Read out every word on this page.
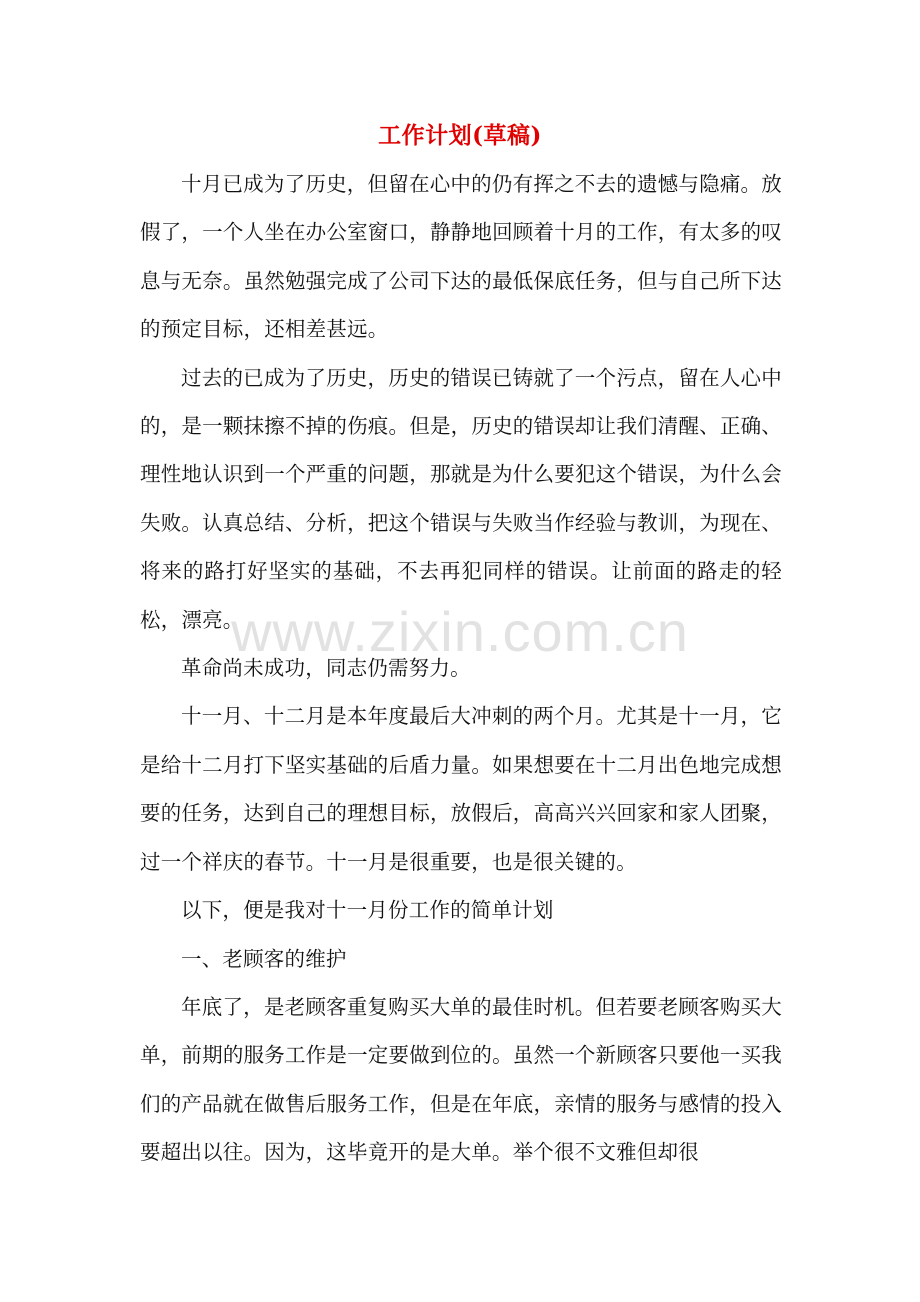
工作计划(草稿)

十月已成为了历史，但留在心中的仍有挥之不去的遗憾与隐痛。放假了，一个人坐在办公室窗口，静静地回顾着十月的工作，有太多的叹息与无奈。虽然勉强完成了公司下达的最低保底任务，但与自己所下达的预定目标，还相差甚远。

过去的已成为了历史，历史的错误已铸就了一个污点，留在人心中的，是一颗抹擦不掉的伤痕。但是，历史的错误却让我们清醒、正确、理性地认识到一个严重的问题，那就是为什么要犯这个错误，为什么会失败。认真总结、分析，把这个错误与失败当作经验与教训，为现在、将来的路打好坚实的基础，不去再犯同样的错误。让前面的路走的轻松，漂亮。

革命尚未成功，同志仍需努力。

十一月、十二月是本年度最后大冲刺的两个月。尤其是十一月，它是给十二月打下坚实基础的后盾力量。如果想要在十二月出色地完成想要的任务，达到自己的理想目标，放假后，高高兴兴回家和家人团聚，过一个祥庆的春节。十一月是很重要，也是很关键的。

以下，便是我对十一月份工作的简单计划

一、老顾客的维护

年底了，是老顾客重复购买大单的最佳时机。但若要老顾客购买大单，前期的服务工作是一定要做到位的。虽然一个新顾客只要他一买我们的产品就在做售后服务工作，但是在年底，亲情的服务与感情的投入要超出以往。因为，这毕竟开的是大单。举个很不文雅但却很

www.zixin.com.cn
